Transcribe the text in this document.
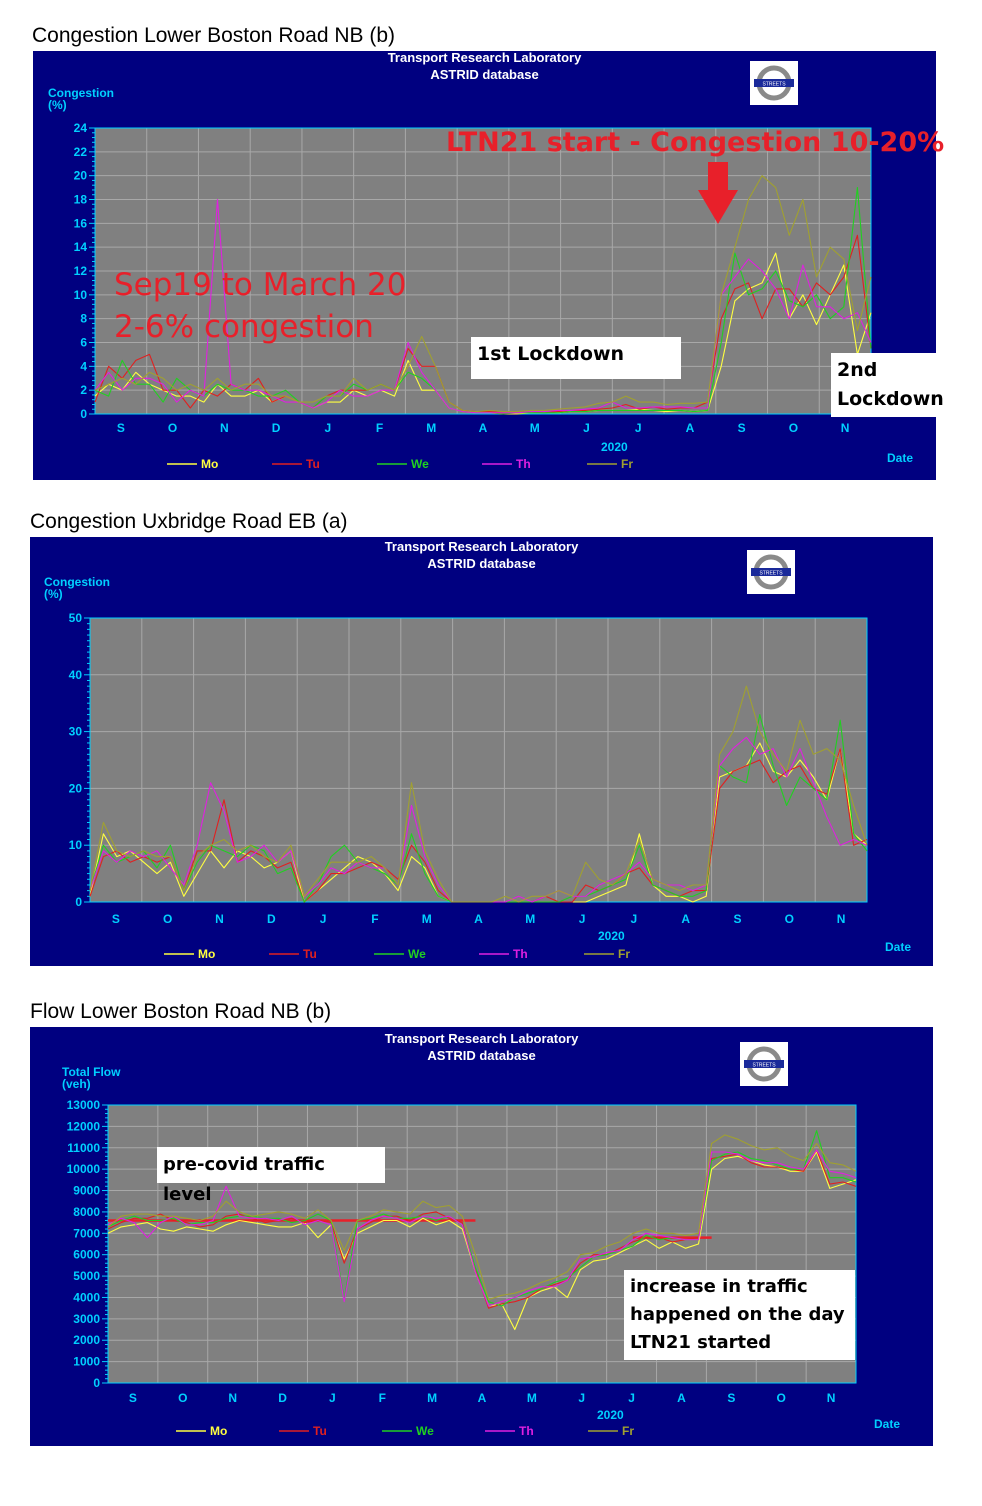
Congestion Lower Boston Road NB (b)
Transport Research Laboratory
ASTRID database
STREETS
Congestion
(%)
0
2
4
6
8
10
12
14
16
18
20
22
24
S	O	N	D	J	F	M	A	M	J	J	A	S	O	N
Mo	Tu	We	Th	Fr
2020
Date
LTN21 start - Congestion 10-20%
Sep19 to March 20
2-6% congestion
1st Lockdown
2nd
Lockdown
Congestion Uxbridge Road EB (a)
Transport Research Laboratory
ASTRID database
STREETS
Congestion
(%)
0
10
20
30
40
50
S	O	N	D	J	F	M	A	M	J	J	A	S	O	N
Mo	Tu	We	Th	Fr
2020
Date
Flow Lower Boston Road NB (b)
Transport Research Laboratory
ASTRID database
STREETS
Total Flow
(veh)
0
1000
2000
3000
4000
5000
6000
7000
8000
9000
10000
11000
12000
13000
S	O	N	D	J	F	M	A	M	J	J	A	S	O	N
Mo	Tu	We	Th	Fr
2020
Date
pre-covid traffic level
increase in traffic
happened on the day
LTN21 started
